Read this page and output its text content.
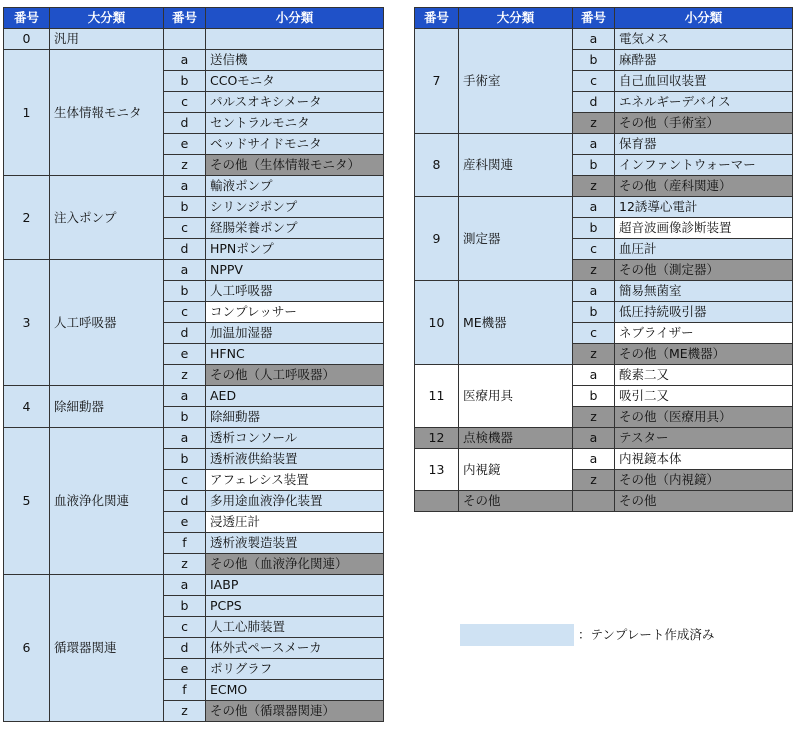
番号	大分類	番号	小分類
0	汎用		
1	生体情報モニタ	a	送信機
		b	CCOモニタ
		c	パルスオキシメータ
		d	セントラルモニタ
		e	ベッドサイドモニタ
		z	その他（生体情報モニタ）
2	注入ポンプ	a	輸液ポンプ
		b	シリンジポンプ
		c	経腸栄養ポンプ
		d	HPNポンプ
3	人工呼吸器	a	NPPV
		b	人工呼吸器
		c	コンプレッサー
		d	加温加湿器
		e	HFNC
		z	その他（人工呼吸器）
4	除細動器	a	AED
		b	除細動器
5	血液浄化関連	a	透析コンソール
		b	透析液供給装置
		c	アフェレシス装置
		d	多用途血液浄化装置
		e	浸透圧計
		f	透析液製造装置
		z	その他（血液浄化関連）
6	循環器関連	a	IABP
		b	PCPS
		c	人工心肺装置
		d	体外式ペースメーカ
		e	ポリグラフ
		f	ECMO
		z	その他（循環器関連）
番号	大分類	番号	小分類
7	手術室	a	電気メス
		b	麻酔器
		c	自己血回収装置
		d	エネルギーデバイス
		z	その他（手術室）
8	産科関連	a	保育器
		b	インファントウォーマー
		z	その他（産科関連）
9	測定器	a	12誘導心電計
		b	超音波画像診断装置
		c	血圧計
		z	その他（測定器）
10	ME機器	a	簡易無菌室
		b	低圧持続吸引器
		c	ネブライザー
		z	その他（ME機器）
11	医療用具	a	酸素二又
		b	吸引二又
		z	その他（医療用具）
12	点検機器	a	テスター
13	内視鏡	a	内視鏡本体
		z	その他（内視鏡）
	その他		その他
：テンプレート作成済み
